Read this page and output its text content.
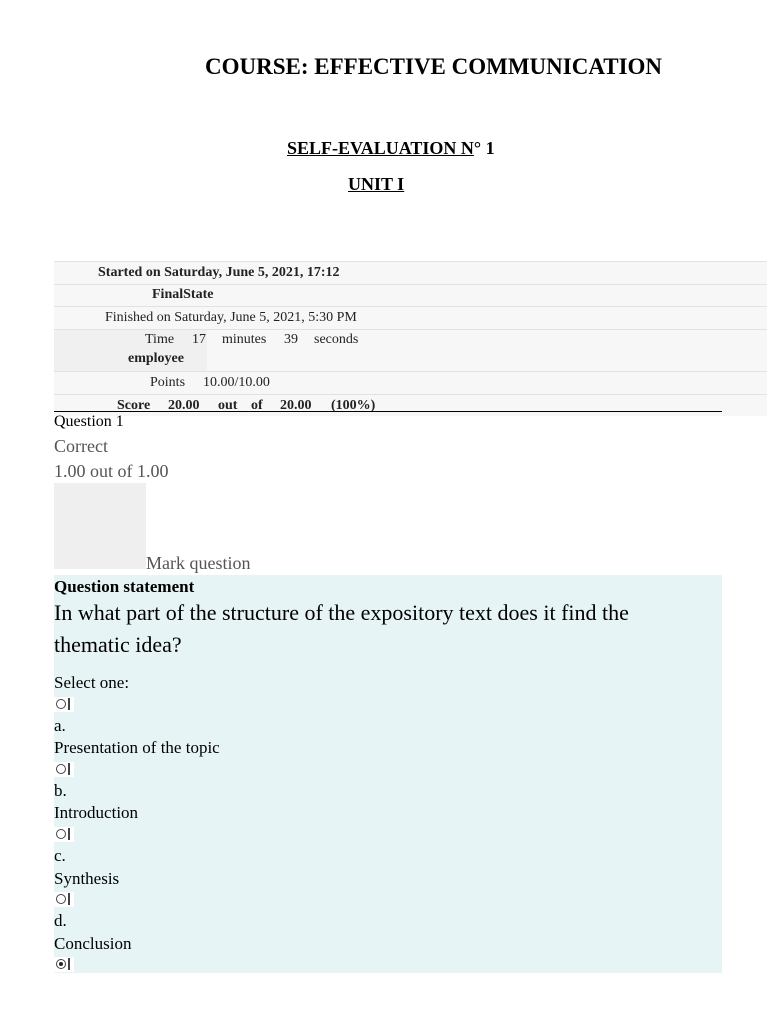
COURSE: EFFECTIVE COMMUNICATION
SELF-EVALUATION N° 1
UNIT I
Started on Saturday, June 5, 2021, 17:12
FinalState
Finished on Saturday, June 5, 2021, 5:30 PM
Time 17 minutes 39 seconds
employee
Points 10.00/10.00
Score 20.00 out of 20.00 (100%)
Question 1
Correct
1.00 out of 1.00
Mark question
Question statement
In what part of the structure of the expository text does it find the thematic idea?
Select one:
a.
Presentation of the topic
b.
Introduction
c.
Synthesis
d.
Conclusion
